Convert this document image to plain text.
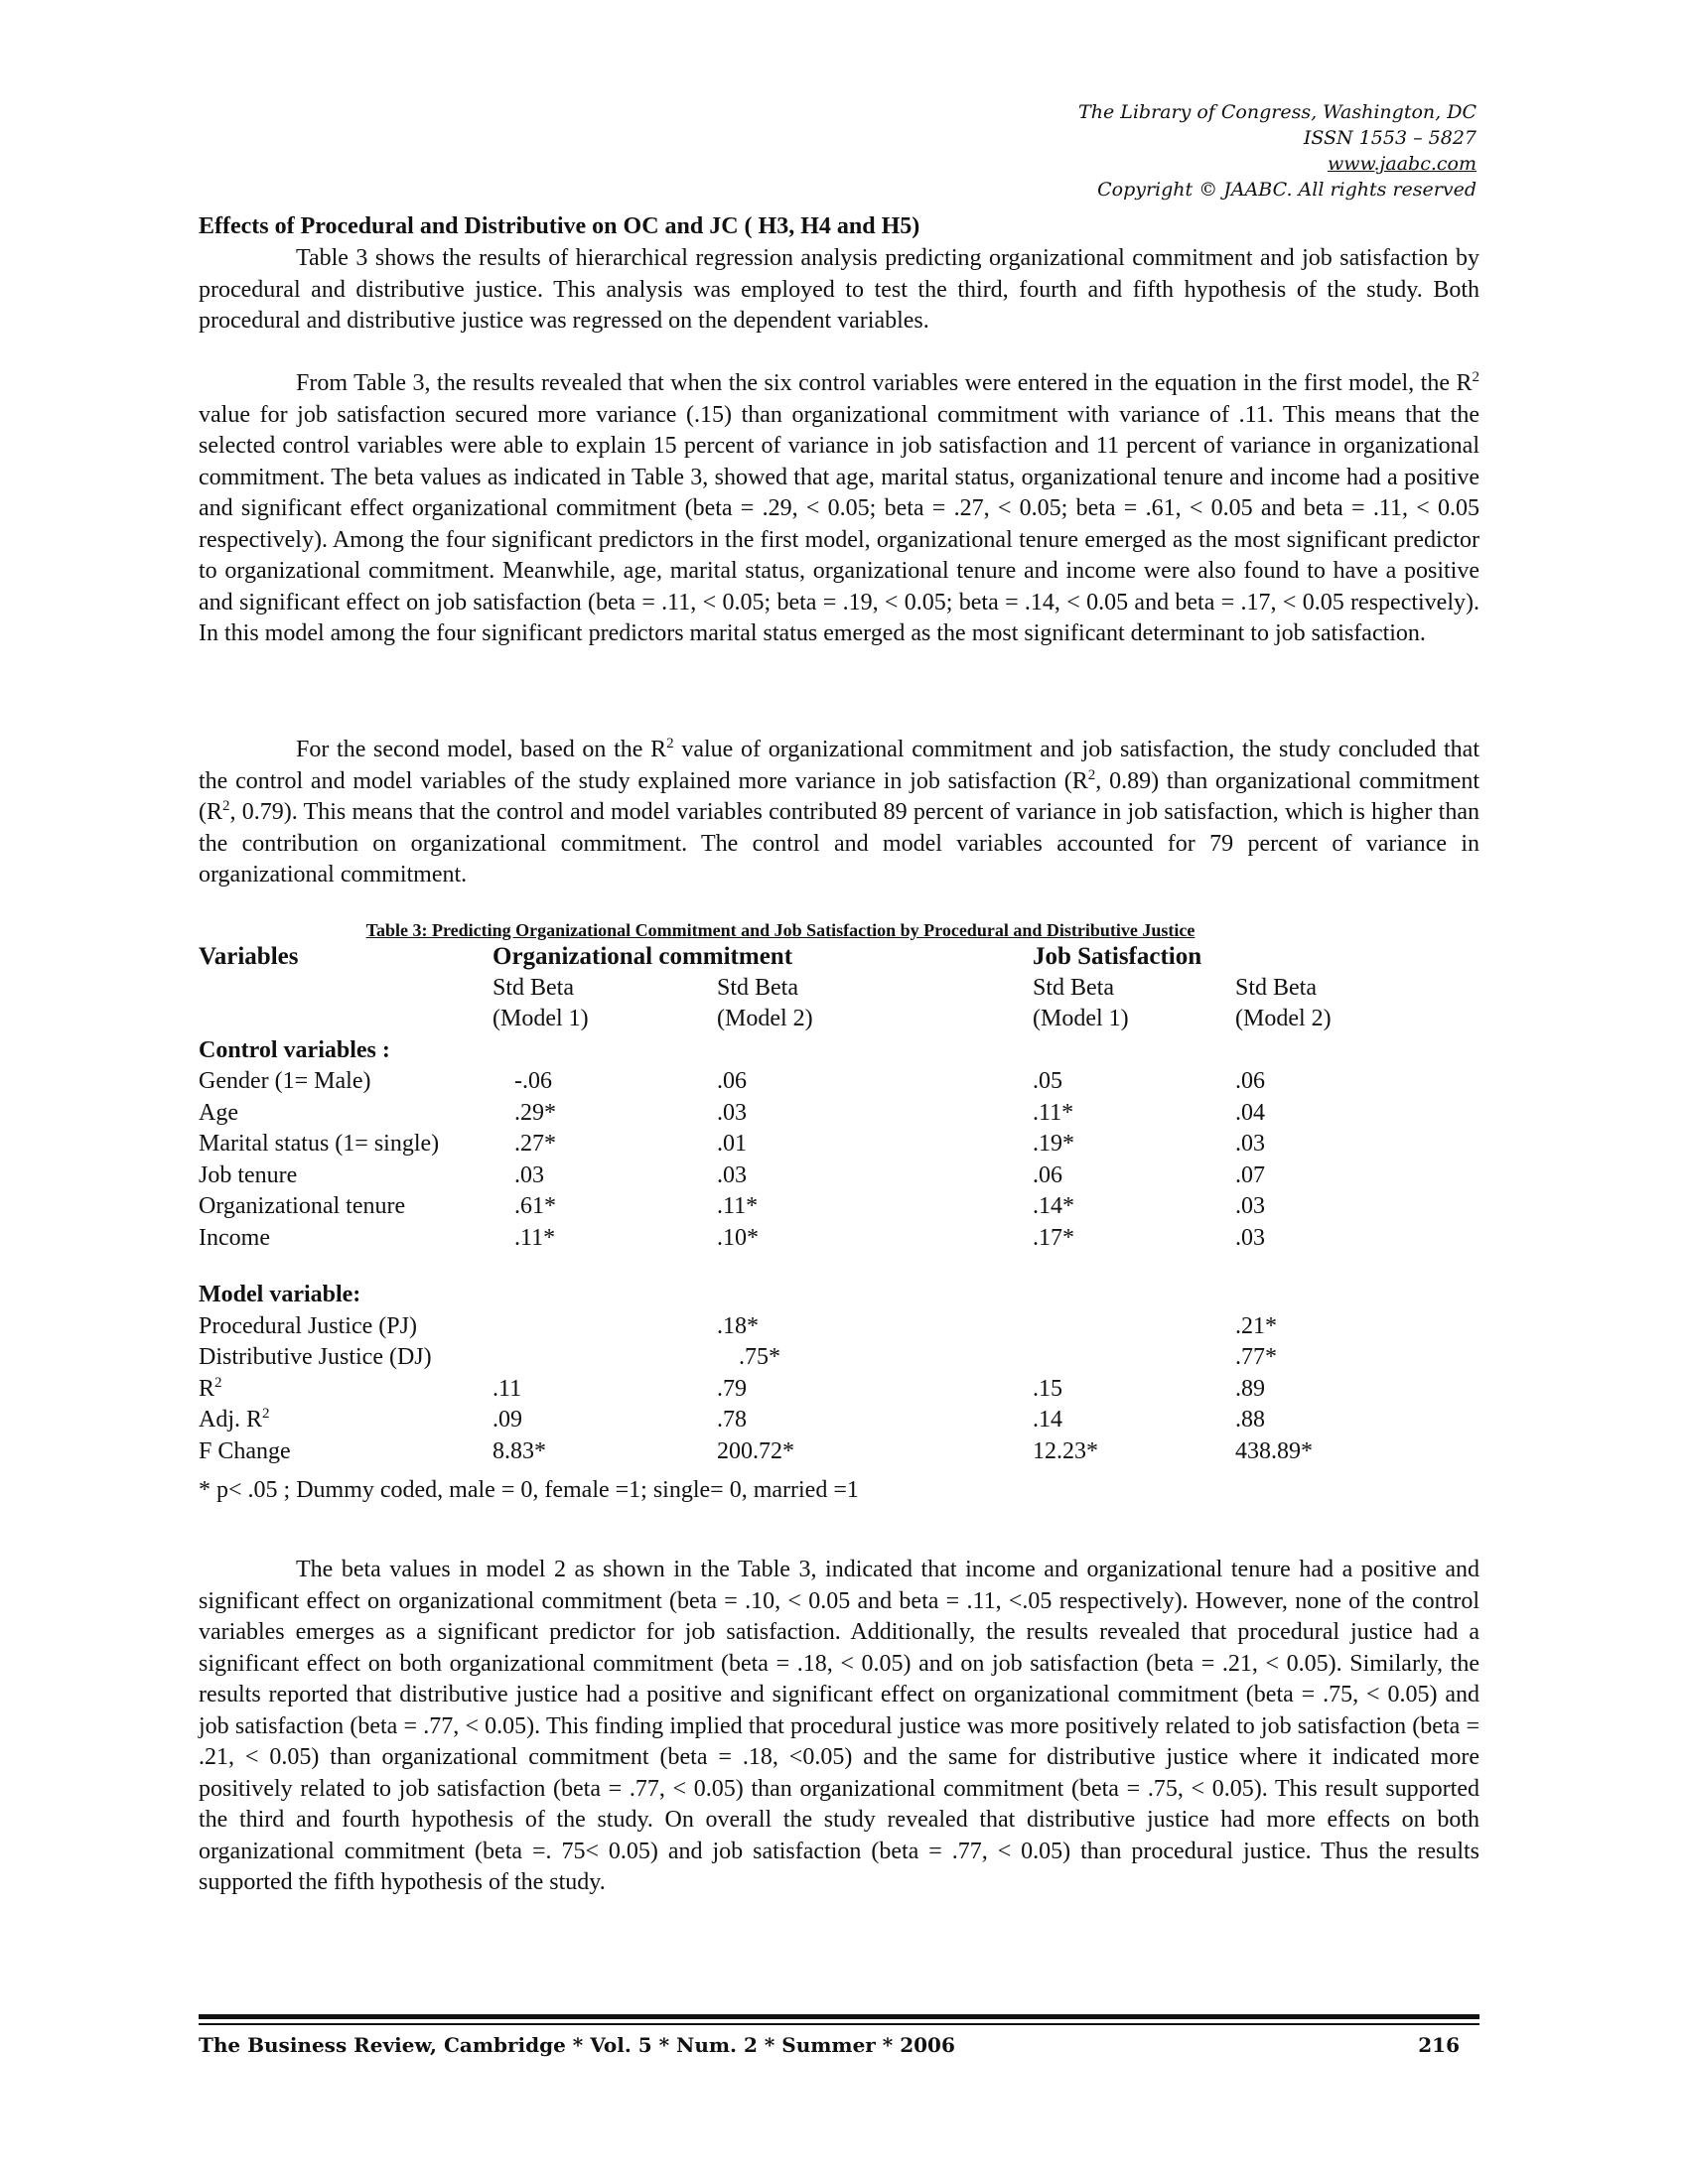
The Library of Congress, Washington, DC
ISSN 1553 – 5827
www.jaabc.com
Copyright © JAABC. All rights reserved
Effects of Procedural and Distributive on OC and JC ( H3, H4 and H5)

Table 3 shows the results of hierarchical regression analysis predicting organizational commitment and job satisfaction by procedural and distributive justice. This analysis was employed to test the third, fourth and fifth hypothesis of the study. Both procedural and distributive justice was regressed on the dependent variables.

From Table 3, the results revealed that when the six control variables were entered in the equation in the first model, the $R^2$ value for job satisfaction secured more variance (.15) than organizational commitment with variance of .11. This means that the selected control variables were able to explain 15 percent of variance in job satisfaction and 11 percent of variance in organizational commitment. The beta values as indicated in Table 3, showed that age, marital status, organizational tenure and income had a positive and significant effect organizational commitment (beta = .29, < 0.05; beta = .27, < 0.05; beta = .61, < 0.05 and beta = .11, < 0.05 respectively). Among the four significant predictors in the first model, organizational tenure emerged as the most significant predictor to organizational commitment. Meanwhile, age, marital status, organizational tenure and income were also found to have a positive and significant effect on job satisfaction (beta = .11, < 0.05; beta = .19, < 0.05; beta = .14, < 0.05 and beta = .17, < 0.05 respectively). In this model among the four significant predictors marital status emerged as the most significant determinant to job satisfaction.

For the second model, based on the $R^2$ value of organizational commitment and job satisfaction, the study concluded that the control and model variables of the study explained more variance in job satisfaction ($R^2$, 0.89) than organizational commitment ($R^2$, 0.79). This means that the control and model variables contributed 89 percent of variance in job satisfaction, which is higher than the contribution on organizational commitment. The control and model variables accounted for 79 percent of variance in organizational commitment.

Table 3: Predicting Organizational Commitment and Job Satisfaction by Procedural and Distributive Justice
Variables	Organizational commitment		Job Satisfaction	
	Std Beta	Std Beta	Std Beta	Std Beta
	(Model 1)	(Model 2)	(Model 1)	(Model 2)
Control variables :				
Gender (1= Male)	-.06	.06	.05	.06
Age	.29*	.03	.11*	.04
Marital status (1= single)	.27*	.01	.19*	.03
Job tenure	.03	.03	.06	.07
Organizational tenure	.61*	.11*	.14*	.03
Income	.11*	.10*	.17*	.03

Model variable:				
Procedural Justice (PJ)		.18*		.21*
Distributive Justice (DJ)		.75*		.77*
$R^2$	.11	.79	.15	.89
Adj. $R^2$	.09	.78	.14	.88
F Change	8.83*	200.72*	12.23*	438.89*
* p< .05 ; Dummy coded, male = 0, female =1; single= 0, married =1
The Business Review, Cambridge * Vol. 5 * Num. 2 * Summer * 2006	216

The beta values in model 2 as shown in the Table 3, indicated that income and organizational tenure had a positive and significant effect on organizational commitment (beta = .10, < 0.05 and beta = .11, <.05 respectively). However, none of the control variables emerges as a significant predictor for job satisfaction. Additionally, the results revealed that procedural justice had a significant effect on both organizational commitment (beta = .18, < 0.05) and on job satisfaction (beta = .21, < 0.05). Similarly, the results reported that distributive justice had a positive and significant effect on organizational commitment (beta = .75, < 0.05) and job satisfaction (beta = .77, < 0.05). This finding implied that procedural justice was more positively related to job satisfaction (beta = .21, < 0.05) than organizational commitment (beta = .18, <0.05) and the same for distributive justice where it indicated more positively related to job satisfaction (beta = .77, < 0.05) than organizational commitment (beta = .75, < 0.05). This result supported the third and fourth hypothesis of the study. On overall the study revealed that distributive justice had more effects on both organizational commitment (beta =. 75< 0.05) and job satisfaction (beta = .77, < 0.05) than procedural justice. Thus the results supported the fifth hypothesis of the study.
